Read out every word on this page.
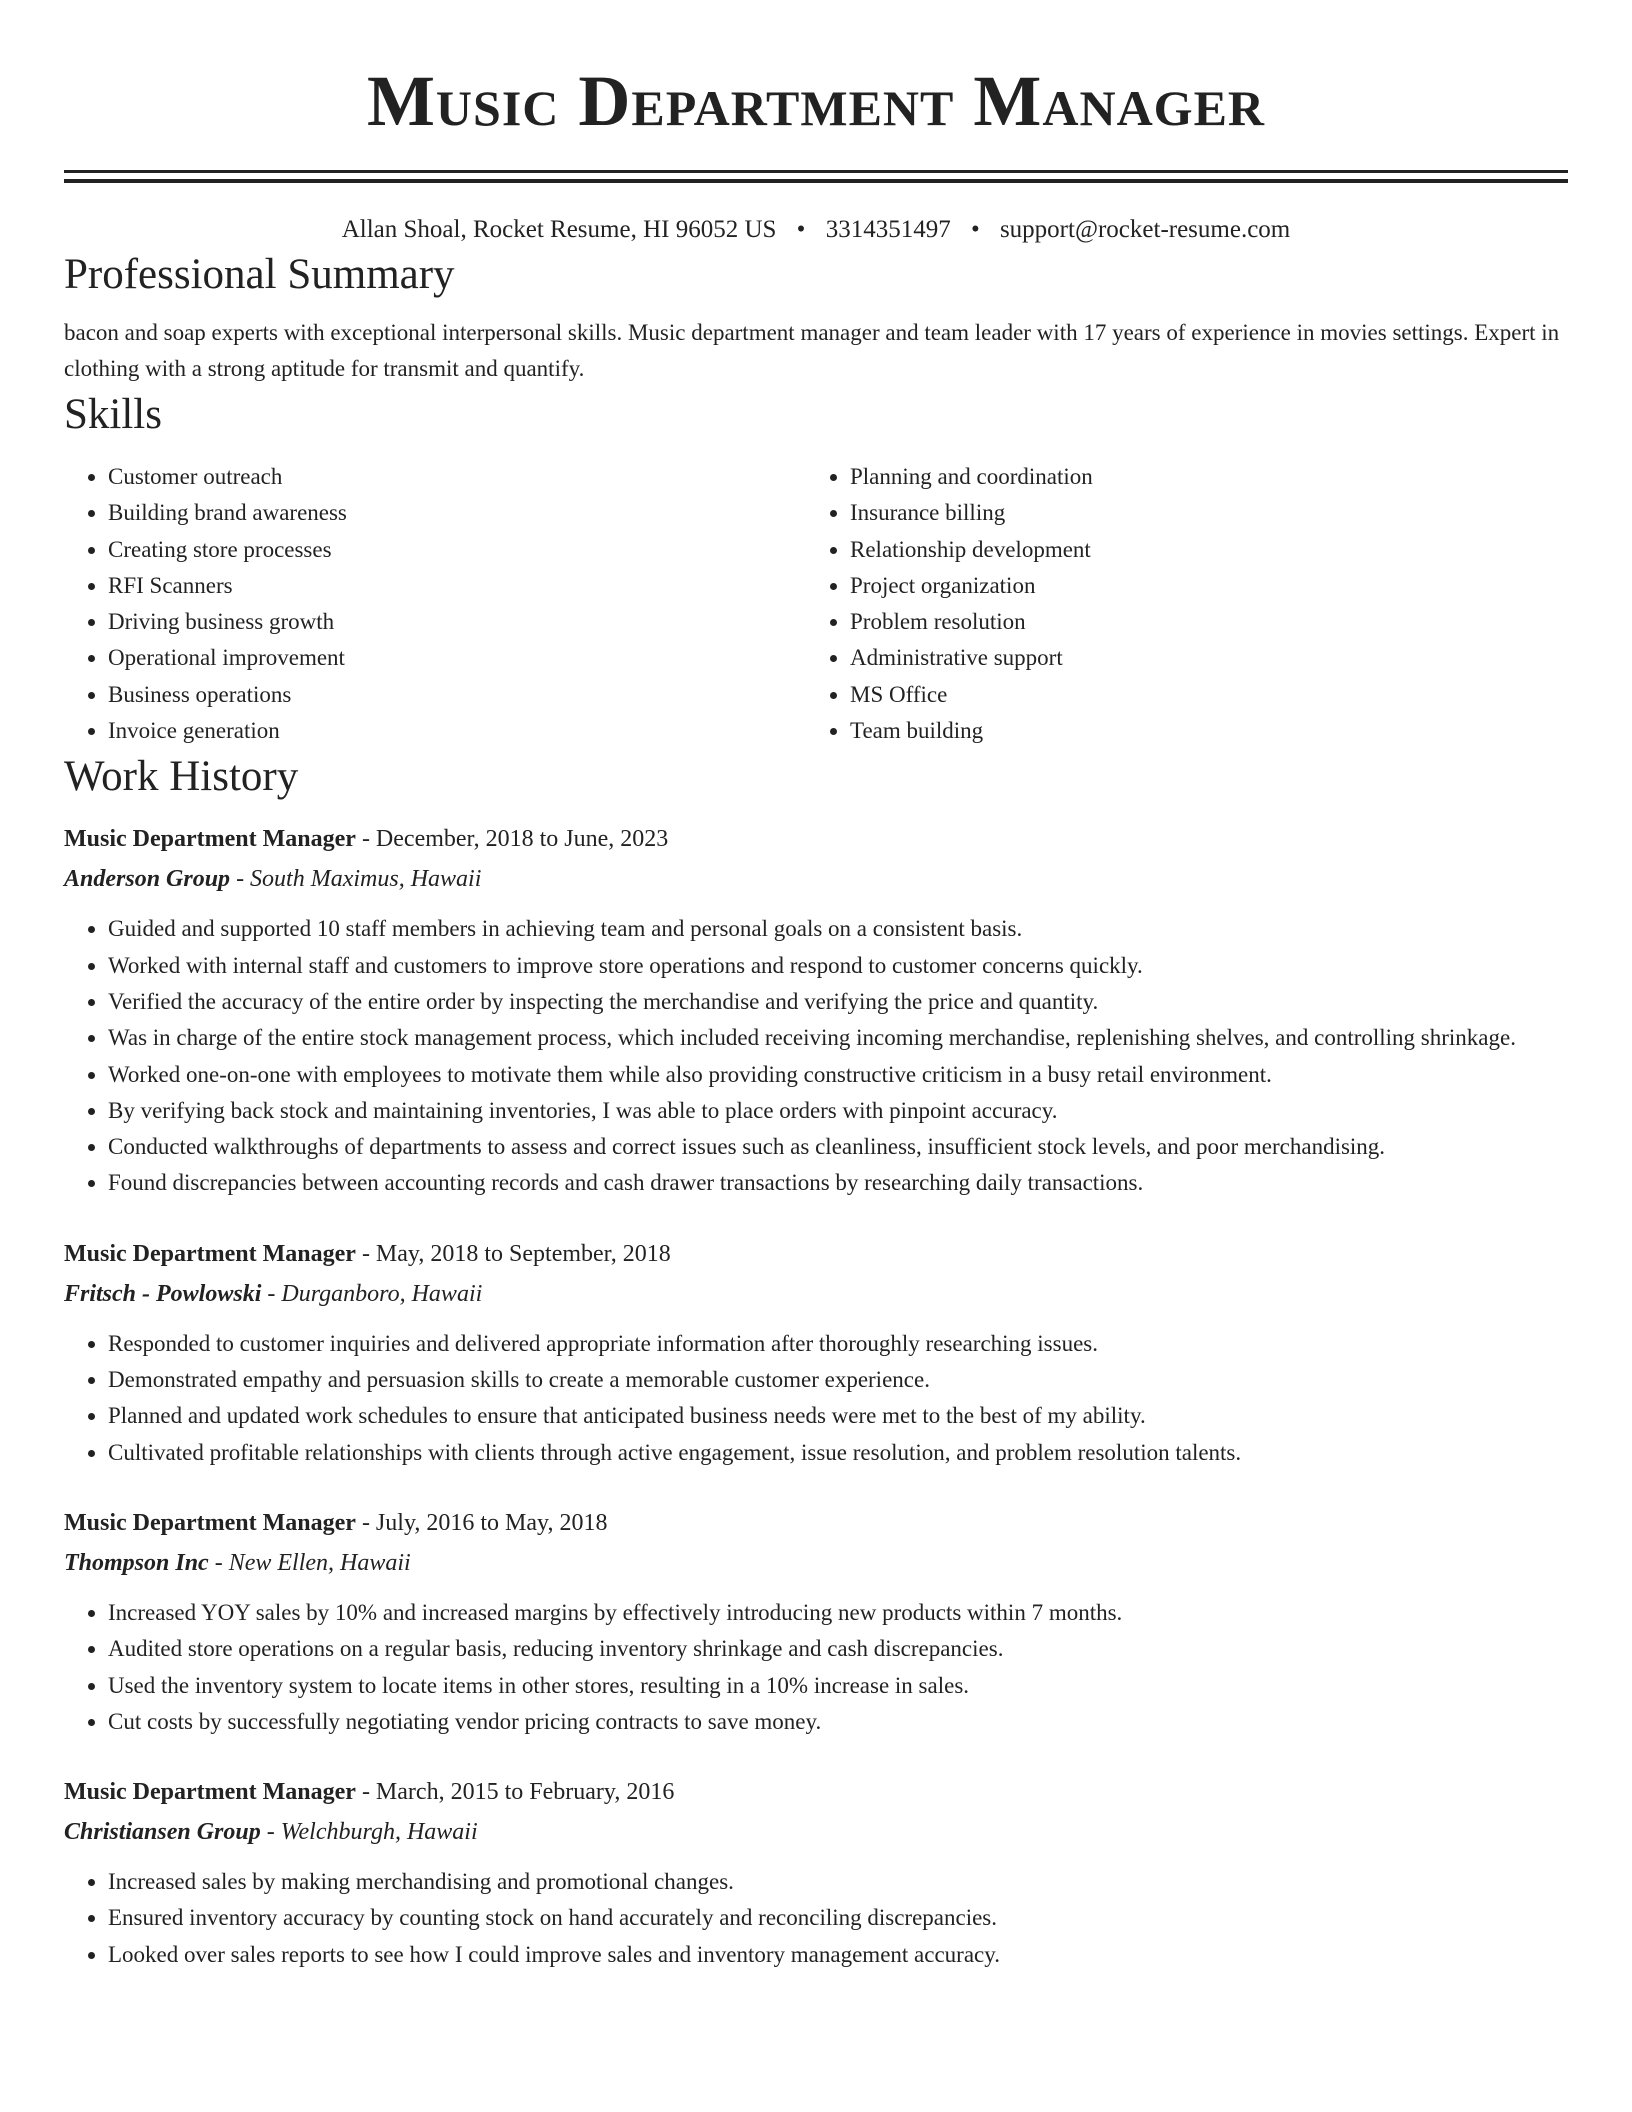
Music Department Manager
Allan Shoal, Rocket Resume, HI 96052 US • 3314351497 • support@rocket-resume.com
Professional Summary
bacon and soap experts with exceptional interpersonal skills. Music department manager and team leader with 17 years of experience in movies settings. Expert in clothing with a strong aptitude for transmit and quantify.
Skills
• Customer outreach
• Building brand awareness
• Creating store processes
• RFI Scanners
• Driving business growth
• Operational improvement
• Business operations
• Invoice generation
• Planning and coordination
• Insurance billing
• Relationship development
• Project organization
• Problem resolution
• Administrative support
• MS Office
• Team building
Work History
Music Department Manager - December, 2018 to June, 2023
Anderson Group - South Maximus, Hawaii
• Guided and supported 10 staff members in achieving team and personal goals on a consistent basis.
• Worked with internal staff and customers to improve store operations and respond to customer concerns quickly.
• Verified the accuracy of the entire order by inspecting the merchandise and verifying the price and quantity.
• Was in charge of the entire stock management process, which included receiving incoming merchandise, replenishing shelves, and controlling shrinkage.
• Worked one-on-one with employees to motivate them while also providing constructive criticism in a busy retail environment.
• By verifying back stock and maintaining inventories, I was able to place orders with pinpoint accuracy.
• Conducted walkthroughs of departments to assess and correct issues such as cleanliness, insufficient stock levels, and poor merchandising.
• Found discrepancies between accounting records and cash drawer transactions by researching daily transactions.
Music Department Manager - May, 2018 to September, 2018
Fritsch - Powlowski - Durganboro, Hawaii
• Responded to customer inquiries and delivered appropriate information after thoroughly researching issues.
• Demonstrated empathy and persuasion skills to create a memorable customer experience.
• Planned and updated work schedules to ensure that anticipated business needs were met to the best of my ability.
• Cultivated profitable relationships with clients through active engagement, issue resolution, and problem resolution talents.
Music Department Manager - July, 2016 to May, 2018
Thompson Inc - New Ellen, Hawaii
• Increased YOY sales by 10% and increased margins by effectively introducing new products within 7 months.
• Audited store operations on a regular basis, reducing inventory shrinkage and cash discrepancies.
• Used the inventory system to locate items in other stores, resulting in a 10% increase in sales.
• Cut costs by successfully negotiating vendor pricing contracts to save money.
Music Department Manager - March, 2015 to February, 2016
Christiansen Group - Welchburgh, Hawaii
• Increased sales by making merchandising and promotional changes.
• Ensured inventory accuracy by counting stock on hand accurately and reconciling discrepancies.
• Looked over sales reports to see how I could improve sales and inventory management accuracy.
